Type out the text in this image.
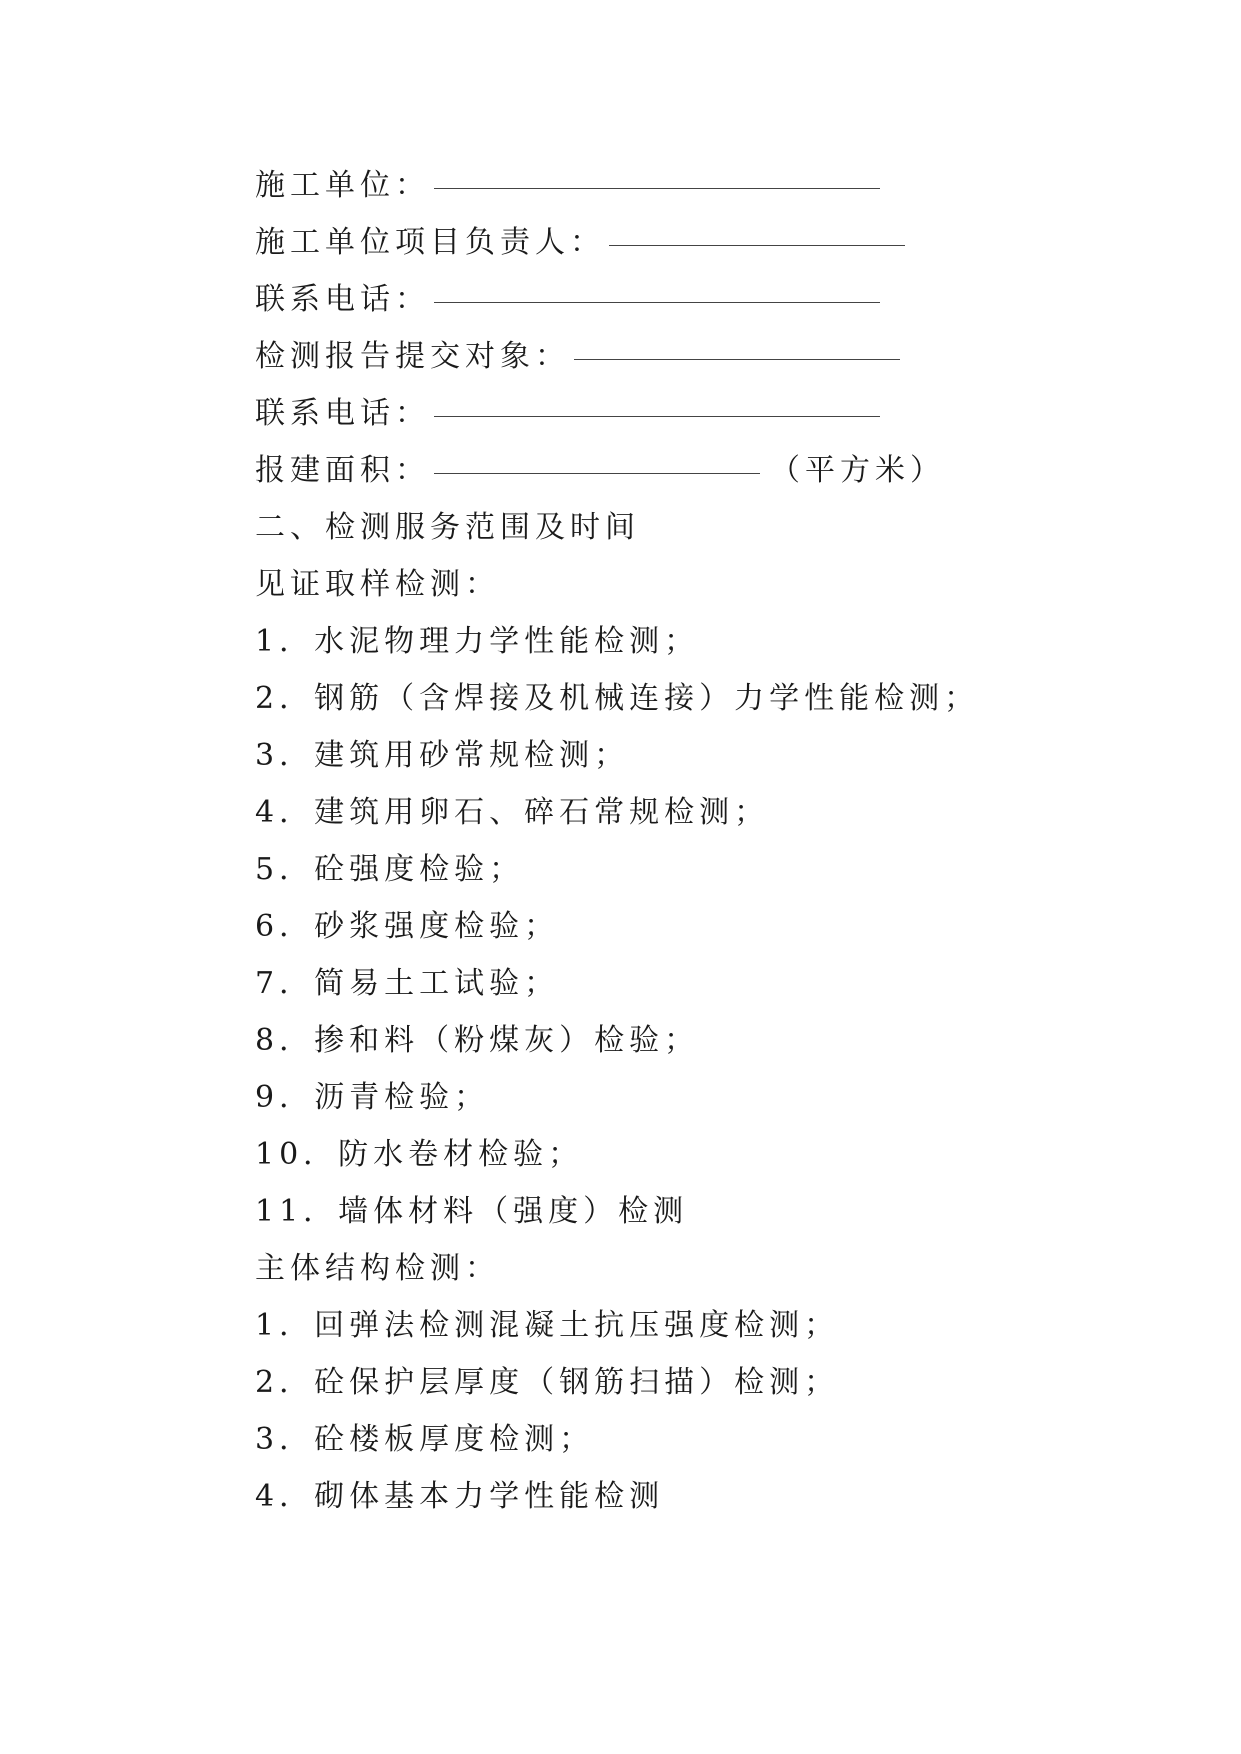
施工单位：
施工单位项目负责人：
联系电话：
检测报告提交对象：
联系电话：
报建面积：	（平方米）
二、检测服务范围及时间
见证取样检测：
1．水泥物理力学性能检测；
2．钢筋（含焊接及机械连接）力学性能检测；
3．建筑用砂常规检测；
4．建筑用卵石、碎石常规检测；
5．砼强度检验；
6．砂浆强度检验；
7．简易土工试验；
8．掺和料（粉煤灰）检验；
9．沥青检验；
10．防水卷材检验；
11．墙体材料（强度）检测
主体结构检测：
1．回弹法检测混凝土抗压强度检测；
2．砼保护层厚度（钢筋扫描）检测；
3．砼楼板厚度检测；
4．砌体基本力学性能检测
